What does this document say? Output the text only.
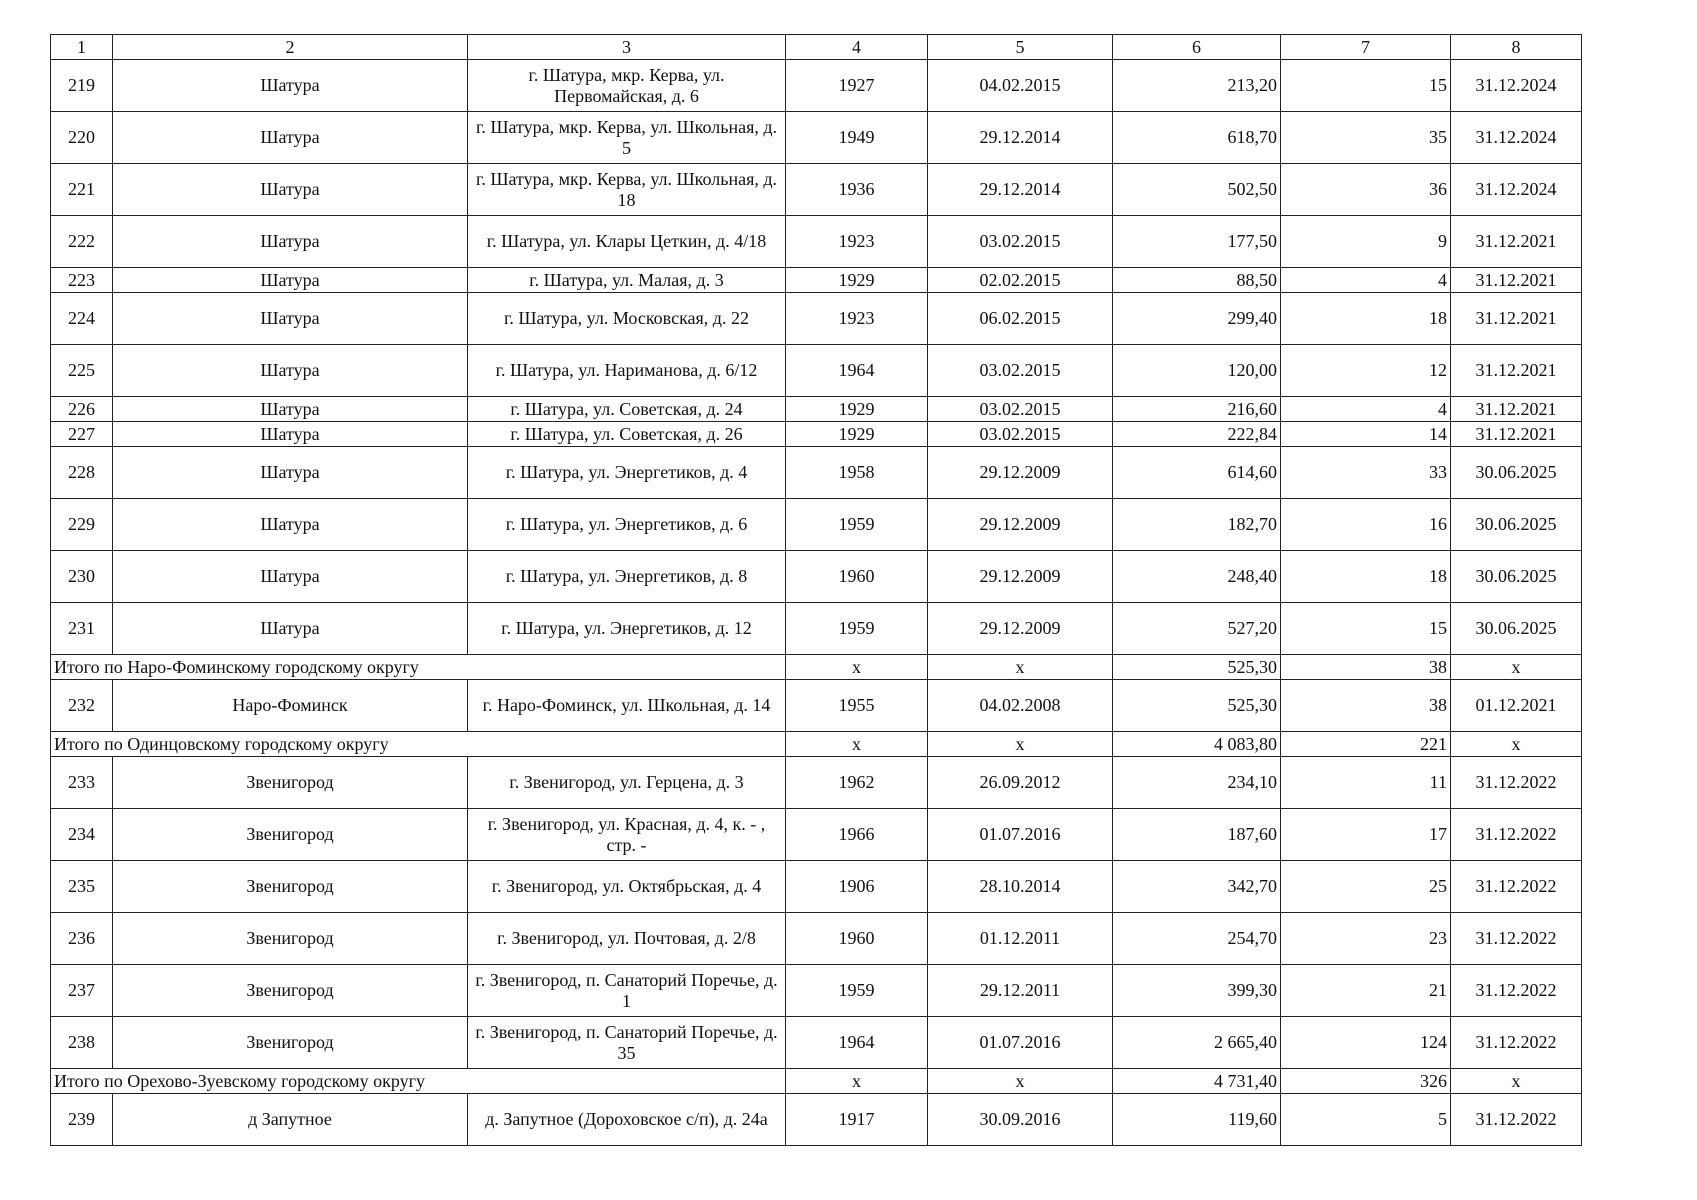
1	2	3	4	5	6	7	8
219	Шатура	г. Шатура, мкр. Керва, ул. Первомайская, д. 6	1927	04.02.2015	213,20	15	31.12.2024
220	Шатура	г. Шатура, мкр. Керва, ул. Школьная, д. 5	1949	29.12.2014	618,70	35	31.12.2024
221	Шатура	г. Шатура, мкр. Керва, ул. Школьная, д. 18	1936	29.12.2014	502,50	36	31.12.2024
222	Шатура	г. Шатура, ул. Клары Цеткин, д. 4/18	1923	03.02.2015	177,50	9	31.12.2021
223	Шатура	г. Шатура, ул. Малая, д. 3	1929	02.02.2015	88,50	4	31.12.2021
224	Шатура	г. Шатура, ул. Московская, д. 22	1923	06.02.2015	299,40	18	31.12.2021
225	Шатура	г. Шатура, ул. Нариманова, д. 6/12	1964	03.02.2015	120,00	12	31.12.2021
226	Шатура	г. Шатура, ул. Советская, д. 24	1929	03.02.2015	216,60	4	31.12.2021
227	Шатура	г. Шатура, ул. Советская, д. 26	1929	03.02.2015	222,84	14	31.12.2021
228	Шатура	г. Шатура, ул. Энергетиков, д. 4	1958	29.12.2009	614,60	33	30.06.2025
229	Шатура	г. Шатура, ул. Энергетиков, д. 6	1959	29.12.2009	182,70	16	30.06.2025
230	Шатура	г. Шатура, ул. Энергетиков, д. 8	1960	29.12.2009	248,40	18	30.06.2025
231	Шатура	г. Шатура, ул. Энергетиков, д. 12	1959	29.12.2009	527,20	15	30.06.2025
Итого по Наро-Фоминскому городскому округу			x	x	525,30	38	x
232	Наро-Фоминск	г. Наро-Фоминск, ул. Школьная, д. 14	1955	04.02.2008	525,30	38	01.12.2021
Итого по Одинцовскому городскому округу			x	x	4 083,80	221	x
233	Звенигород	г. Звенигород, ул. Герцена, д. 3	1962	26.09.2012	234,10	11	31.12.2022
234	Звенигород	г. Звенигород, ул. Красная, д. 4, к. - , стр. -	1966	01.07.2016	187,60	17	31.12.2022
235	Звенигород	г. Звенигород, ул. Октябрьская, д. 4	1906	28.10.2014	342,70	25	31.12.2022
236	Звенигород	г. Звенигород, ул. Почтовая, д. 2/8	1960	01.12.2011	254,70	23	31.12.2022
237	Звенигород	г. Звенигород, п. Санаторий Поречье, д. 1	1959	29.12.2011	399,30	21	31.12.2022
238	Звенигород	г. Звенигород, п. Санаторий Поречье, д. 35	1964	01.07.2016	2 665,40	124	31.12.2022
Итого по Орехово-Зуевскому городскому округу			x	x	4 731,40	326	x
239	д Запутное	д. Запутное (Дороховское с/п), д. 24а	1917	30.09.2016	119,60	5	31.12.2022
